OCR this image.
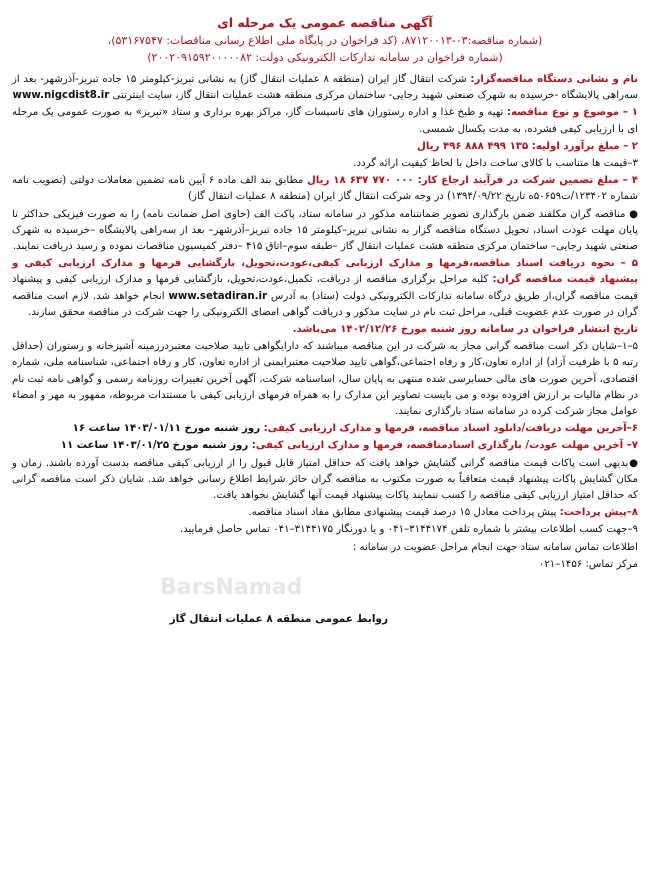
آگهی مناقصه عمومی یک مرحله ای
(شماره مناقصه:۰۳-۸۷۱۲۰۰۱۳، (کد فراخوان در پایگاه ملی اطلاع رسانی مناقصات: ۵۳۱۶۷۵۴۷)،
(شماره فراخوان در سامانه تدارکات الکترونیکی دولت: ۲۰۰۲۰۹۱۵۹۲۰۰۰۰۰۸۲)

نام و نشانی دستگاه مناقصه‌گزار: شرکت انتقال گاز ایران (منطقه ۸ عملیات انتقال گاز) به نشانی تبریز-کیلومتر ۱۵ جاده تبریز-آذرشهر- بعد از سه‌راهی پالایشگاه -خرسیده به شهرک صنعتی شهید رجایی- ساختمان مرکزی منطقه هشت عملیات انتقال گاز، سایت اینترنتی www.nigcdist8.ir

۱ – موضوع و نوع مناقصه: تهیه و طبخ غذا و اداره رستوران های تاسیسات گاز، مراکز بهره برداری و ستاد «تبریز» به صورت عمومی یک مرحله ای با ارزیابی کیفی فشرده، به مدت یکسال شمسی.

۲ – مبلغ برآورد اولیه: ۱۳۵ ۴۹۹ ۸۸۸ ۴۹۶ ریال

۳–قیمت ها متناسب با کالای ساخت داخل با لحاظ کیفیت ارائه گردد.

۴ – مبلغ تضمین شرکت در فرآیند ارجاع کار: ۰۰۰ ۷۷۰ ۶۳۷ ۱۸ ریال مطابق بند الف ماده ۶ آیین نامه تضمین معاملات دولتی (تصویب نامه شماره ۱۲۳۴۰۲/ت۵۰۶۵۹ه تاریخ ۱۳۹۴/۰۹/۲۲) در وجه شرکت انتقال گاز ایران (منطقه ۸ عملیات انتقال گاز)

● مناقصه گران مکلفند ضمن بارگذاری تصویر ضمانتنامه مذکور در سامانه ستاد، پاکت الف (حاوی اصل ضمانت نامه) را به صورت فیزیکی حداکثر تا پایان مهلت عودت اسناد، تحویل دستگاه مناقصه گزار به نشانی تبریز–کیلومتر ۱۵ جاده تبریز–آذرشهر– بعد از سه‌راهی پالایشگاه –خرسیده به شهرک صنعتی شهید رجایی– ساختمان مرکزی منطقه هشت عملیات انتقال گاز –طبقه سوم–اتاق ۴۱۵ –دفتر کمیسیون مناقصات نموده و رسید دریافت نمایند.

۵ – نحوه دریافت اسناد مناقصه،فرمها و مدارک ارزیابی کیفی،عودت،تحویل، بارگشایی فرمها و مدارک ارزیابی کیفی و پیشنهاد قیمت مناقصه گران: کلیه مراحل برگزاری مناقصه از دریافت، تکمیل،عودت،تحویل، بازگشایی فرمها و مدارک ارزیابی کیفی و پیشنهاد قیمت مناقصه گران،از طریق درگاه سامانه تدارکات الکترونیکی دولت (ستاد) به آدرس www.setadiran.ir انجام خواهد شد. لازم است مناقصه گران در صورت عدم عضویت قبلی، مراحل ثبت نام در سایت مذکور و دریافت گواهی امضای الکترونیکی را جهت شرکت در مناقصه محقق سازند.

تاریخ انتشار فراخوان در سامانه روز شنبه مورخ ۱۴۰۲/۱۲/۲۶ می‌باشد.

۵–۱–شایان ذکر است مناقصه گرانی مجاز به شرکت در این مناقصه میباشند که دارایگواهی تایید صلاحیت معتبردرزمینه آشپزخانه و رستوران (حداقل رتبه ۵ با ظرفیت آزاد) از اداره تعاون،کار و رفاه اجتماعی،گواهی تایید صلاحیت معتبرایمنی از اداره تعاون، کار و رفاه اجتماعی، شناسنامه ملی، شماره اقتصادی، آخرین صورت های مالی حسابرسی شده منتهی به پایان سال، اساسنامه شرکت، آگهی آخرین تغییرات روزنامه رسمی و گواهی نامه ثبت نام در نظام مالیات بر ارزش افزوده بوده و می بایست تصاویر این مدارک را به همراه فرمهای ارزیابی کیفی با مستندات مربوطه، ممهور به مهر و امضاء عوامل مجاز شرکت کرده در سامانه ستاد بارگذاری نمایند.

۶–آخرین مهلت دریافت/دانلود اسناد مناقصه، فرمها و مدارک ارزیابی کیفی: روز شنبه مورخ ۱۴۰۳/۰۱/۱۱ ساعت ۱۶

۷– آخرین مهلت عودت/ بارگذاری اسنادمناقصه، فرمها و مدارک ارزیابی کیفی: روز شنبه مورخ ۱۴۰۳/۰۱/۲۵ ساعت ۱۱

●بدیهی است پاکات قیمت مناقصه گرانی گشایش خواهد یافت که حداقل امتیاز قابل قبول را از ارزیابی کیفی مناقصه بدست آورده باشند. زمان و مکان گشایش پاکات پیشنهاد قیمت متعاقباً به صورت مکتوب به مناقصه گران حائز شرایط اطلاع رسانی خواهد شد. شایان ذکر است مناقصه گرانی که حداقل امتیاز ارزیابی کیفی مناقصه را کسب ننمایند پاکات پیشنهاد قیمت آنها گشایش نخواهد یافت.

۸–پیش پرداخت: پیش پرداخت معادل ۱۵ درصد قیمت پیشنهادی مطابق مفاد اسناد مناقصه.

۹–جهت کسب اطلاعات بیشتر با شماره تلفن ۳۱۴۴۱۷۴–۰۴۱ و یا دورنگار ۳۱۴۴۱۷۵–۰۴۱ تماس حاصل فرمایید.

اطلاعات تماس سامانه ستاد جهت انجام مراحل عضویت در سامانه :

مرکز تماس: ۱۴۵۶–۰۲۱

روابط عمومی منطقه ۸ عملیات انتقال گاز
BarsNamad
